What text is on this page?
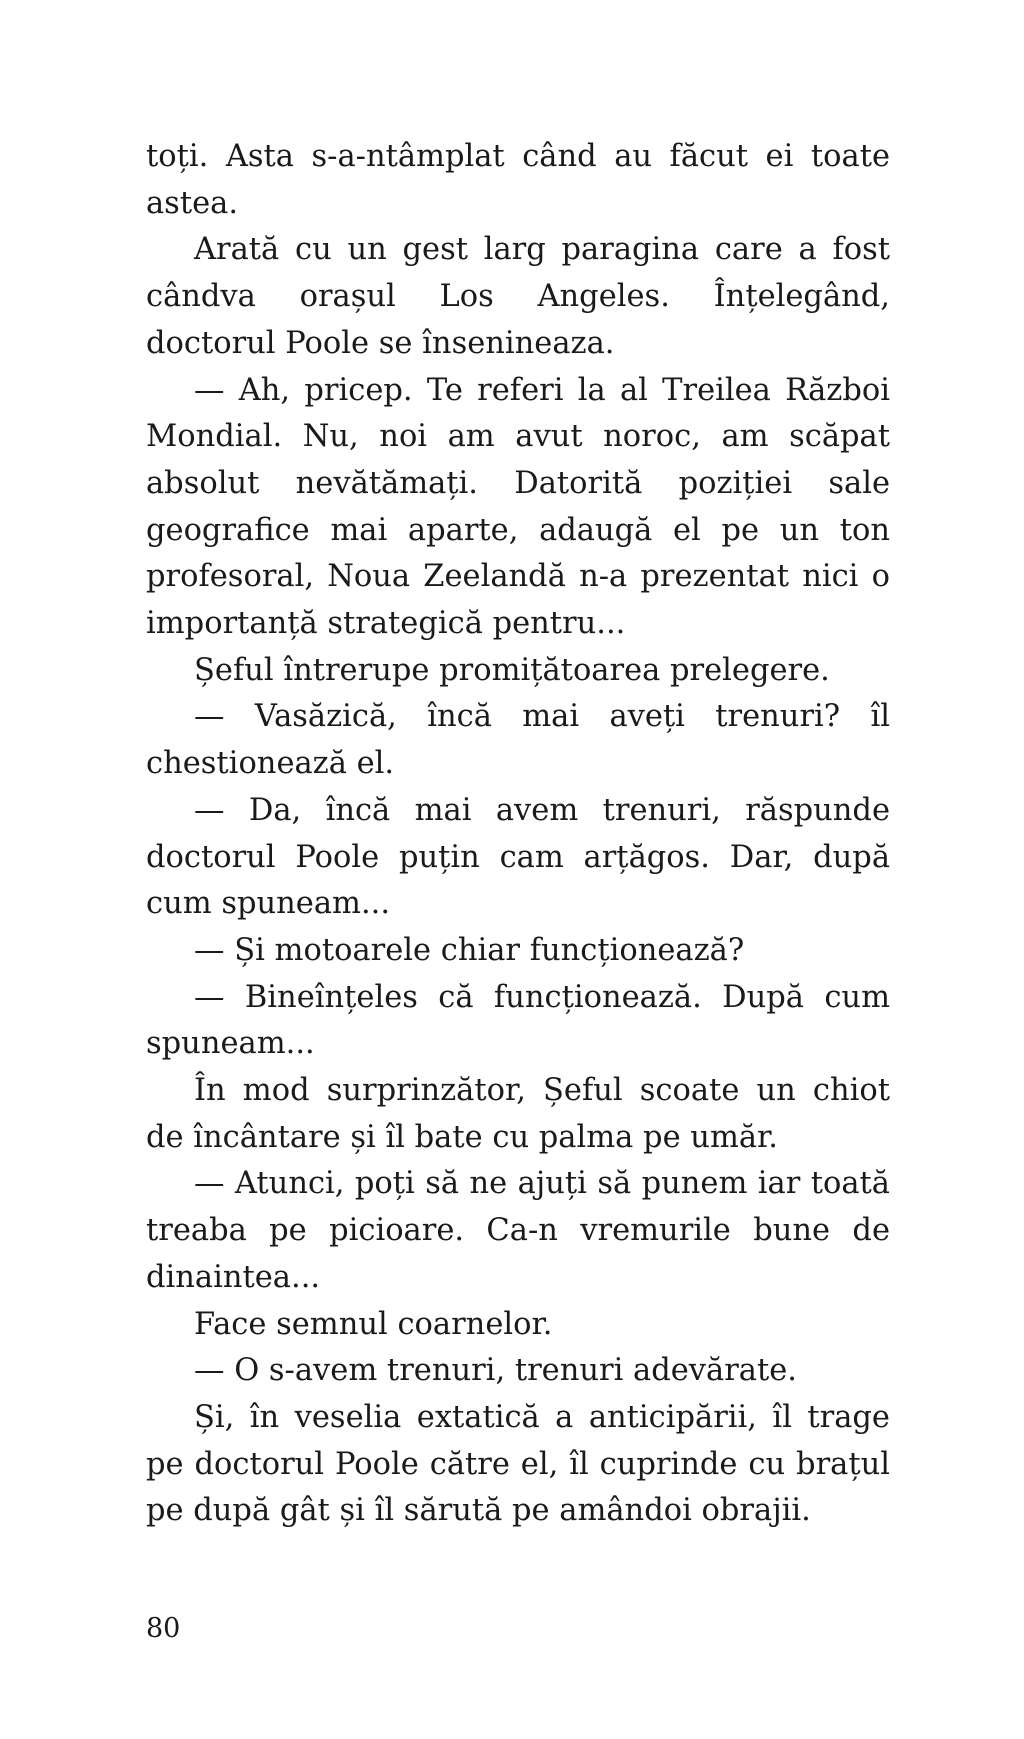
toți. Asta s-a-ntâmplat când au făcut ei toate astea.

Arată cu un gest larg paragina care a fost cândva orașul Los Angeles. Înțelegând, doctorul Poole se însenineaza.

— Ah, pricep. Te referi la al Treilea Război Mondial. Nu, noi am avut noroc, am scăpat absolut nevătămați. Datorită poziției sale geografice mai aparte, adaugă el pe un ton profesoral, Noua Zeelandă n-a prezentat nici o importanță strategică pentru...

Șeful întrerupe promițătoarea prelegere.

— Vasăzică, încă mai aveți trenuri? îl chestionează el.

— Da, încă mai avem trenuri, răspunde doctorul Poole puțin cam arțăgos. Dar, după cum spuneam...

— Și motoarele chiar funcționează?

— Bineînțeles că funcționează. După cum spuneam...

În mod surprinzător, Șeful scoate un chiot de încântare și îl bate cu palma pe umăr.

— Atunci, poți să ne ajuți să punem iar toată treaba pe picioare. Ca-n vremurile bune de dinaintea...

Face semnul coarnelor.

— O s-avem trenuri, trenuri adevărate.

Și, în veselia extatică a anticipării, îl trage pe doctorul Poole către el, îl cuprinde cu brațul pe după gât și îl sărută pe amândoi obrajii.

80
